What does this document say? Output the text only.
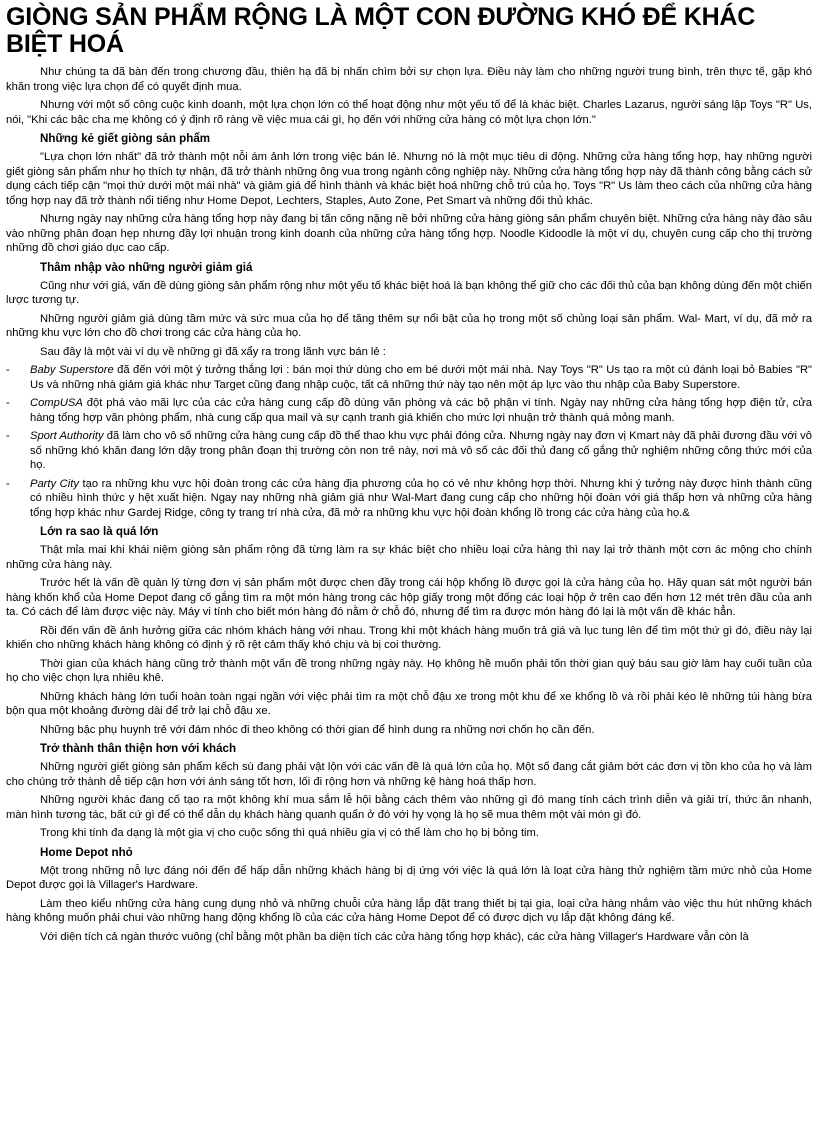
GIÒNG SẢN PHẨM RỘNG LÀ MỘT CON ĐƯỜNG KHÓ ĐỂ KHÁC BIỆT HOÁ

Như chúng ta đã bàn đến trong chương đầu, thiên hạ đã bị nhấn chìm bởi sự chọn lựa. Điều này làm cho những người trung bình, trên thực tế, gặp khó khăn trong việc lựa chọn để có quyết định mua.

Nhưng với một số công cuộc kinh doanh, một lựa chọn lớn có thể hoạt động như một yếu tố để là khác biệt. Charles Lazarus, người sáng lập Toys "R" Us, nói, "Khi các bậc cha mẹ không có ý định rõ ràng về việc mua cái gì, họ đến với những cửa hàng có một lựa chọn lớn."

Những kẻ giết giòng sản phẩm

"Lựa chọn lớn nhất" đã trở thành một nỗi ám ảnh lớn trong việc bán lẻ. Nhưng nó là một mục tiêu di động. Những cửa hàng tổng hợp, hay những người giết giòng sản phẩm như họ thích tự nhận, đã trở thành những ông vua trong ngành công nghiệp này. Những cửa hàng tổng hợp này đã thành công bằng cách sử dụng cách tiếp cận "mọi thứ dưới một mái nhà" và giảm giá để hình thành và khác biệt hoá những chỗ trú của họ. Toys "R" Us làm theo cách của những cửa hàng tổng hợp nay đã trở thành nổi tiếng như Home Depot, Lechters, Staples, Auto Zone, Pet Smart và những đối thủ khác.

Nhưng ngày nay những cửa hàng tổng hợp này đang bị tấn công nặng nề bởi những cửa hàng giòng sản phẩm chuyên biệt. Những cửa hàng này đào sâu vào những phân đoạn hẹp nhưng đầy lợi nhuận trong kinh doanh của những cửa hàng tổng hợp. Noodle Kidoodle là một ví dụ, chuyên cung cấp cho thị trường những đồ chơi giáo dục cao cấp.

Thâm nhập vào những người giảm giá

Cũng như với giá, vấn đề dùng giòng sản phẩm rộng như một yếu tố khác biệt hoá là bạn không thể giữ cho các đối thủ của bạn không dùng đến một chiến lược tương tự.

Những người giảm giá dùng tầm mức và sức mua của họ để tăng thêm sự nổi bật của họ trong một số chủng loại sản phẩm. Wal- Mart, ví dụ, đã mở ra những khu vực lớn cho đồ chơi trong các cửa hàng của họ.

Sau đây là một vài ví dụ về những gì đã xẩy ra trong lãnh vực bán lẻ :

- Baby Superstore đã đến với một ý tưởng thắng lợi : bán mọi thứ dùng cho em bé dưới một mái nhà. Nay Toys "R" Us tạo ra một cú đánh loại bỏ Babies "R" Us và những nhà giảm giá khác như Target cũng đang nhập cuộc, tất cả những thứ này tạo nên một áp lực vào thu nhập của Baby Superstore.
- CompUSA đột phá vào mãi lực của các cửa hàng cung cấp đồ dùng văn phòng và các bộ phận vi tính. Ngày nay những cửa hàng tổng hợp điện tử, cửa hàng tổng hợp văn phòng phẩm, nhà cung cấp qua mail và sự cạnh tranh giá khiến cho mức lợi nhuận trở thành quá mỏng manh.
- Sport Authority đã làm cho vô số những cửa hàng cung cấp đồ thể thao khu vực phải đóng cửa. Nhưng ngày nay đơn vị Kmart này đã phải đương đầu với vô số những khó khăn đang lớn dậy trong phân đoạn thị trường còn non trẻ này, nơi mà vô số các đối thủ đang cố gắng thử nghiệm những công thức mới của họ.
- Party City tạo ra những khu vực hội đoàn trong các cửa hàng địa phương của họ có vẻ như không hợp thời. Nhưng khi ý tưởng này được hình thành cũng có nhiều hình thức y hệt xuất hiện. Ngay nay những nhà giảm giá như Wal-Mart đang cung cấp cho những hội đoàn với giá thấp hơn và những cửa hàng tổng hợp khác như Gardej Ridge, công ty trang trí nhà cửa, đã mở ra những khu vực hội đoàn khổng lồ trong các cửa hàng của họ.&
Lớn ra sao là quá lớn

Thật mỉa mai khi khái niệm giòng sản phẩm rộng đã từng làm ra sự khác biệt cho nhiều loại cửa hàng thì nay lại trở thành một cơn ác mộng cho chính những cửa hàng này.

Trước hết là vấn đề quản lý từng đơn vị sản phẩm một được chen đầy trong cái hộp khổng lồ được gọi là cửa hàng của họ. Hãy quan sát một người bán hàng khốn khổ của Home Depot đang cố gắng tìm ra một món hàng trong các hộp giấy trong một đống các loại hộp ở trên cao đến hơn 12 mét trên đầu của anh ta. Có cách để làm được việc này. Máy vi tính cho biết món hàng đó nằm ở chỗ đó, nhưng để tìm ra được món hàng đó lại là một vấn đề khác hẳn.

Rồi đến vấn đề ảnh hưởng giữa các nhóm khách hàng với nhau. Trong khi một khách hàng muốn trả giá và lục tung lên để tìm một thứ gì đó, điều này lại khiến cho những khách hàng không có định ý rõ rệt cảm thấy khó chịu và bị coi thường.

Thời gian của khách hàng cũng trở thành một vấn đề trong những ngày này. Họ không hề muốn phải tốn thời gian quý báu sau giờ làm hay cuối tuần của họ cho việc chọn lựa nhiêu khê.

Những khách hàng lớn tuổi hoàn toàn ngại ngần với việc phải tìm ra một chỗ đậu xe trong một khu để xe khổng lồ và rồi phải kéo lê những túi hàng bừa bộn qua một khoảng đường dài để trở lại chỗ đậu xe.

Những bậc phụ huynh trẻ với đám nhóc đi theo không có thời gian để hình dung ra những nơi chốn họ cần đến.

Trở thành thân thiện hơn với khách

Những người giết giòng sản phẩm kếch sù đang phải vật lộn với các vấn đề là quá lớn của họ. Một số đang cắt giảm bớt các đơn vị tồn kho của họ và làm cho chúng trở thành dễ tiếp cận hơn với ánh sáng tốt hơn, lối đi rộng hơn và những kệ hàng hoá thấp hơn.

Những người khác đang cố tạo ra một không khí mua sắm lễ hội bằng cách thêm vào những gì đó mang tính cách trình diễn và giải trí, thức ăn nhanh, màn hình tương tác, bất cứ gì để có thể dẫn dụ khách hàng quanh quẩn ở đó với hy vọng là họ sẽ mua thêm một vài món gì đó.

Trong khi tính đa dạng là một gia vị cho cuộc sống thì quá nhiều gia vị có thể làm cho họ bị bỏng tim.

Home Depot nhỏ

Một trong những nỗ lực đáng nói đến để hấp dẫn những khách hàng bị dị ứng với việc là quá lớn là loạt cửa hàng thử nghiệm tầm mức nhỏ của Home Depot được gọi là Villager's Hardware.

Làm theo kiểu những cửa hàng cung dụng nhỏ và những chuỗi cửa hàng lắp đặt trang thiết bị tại gia, loại cửa hàng nhắm vào việc thu hút những khách hàng không muốn phải chui vào những hang động khổng lồ của các cửa hàng Home Depot để có được dịch vụ lắp đặt không đáng kể.

Với diện tích cả ngàn thước vuông (chỉ bằng một phần ba diện tích các cửa hàng tổng hợp khác), các cửa hàng Villager's Hardware vẫn còn là
